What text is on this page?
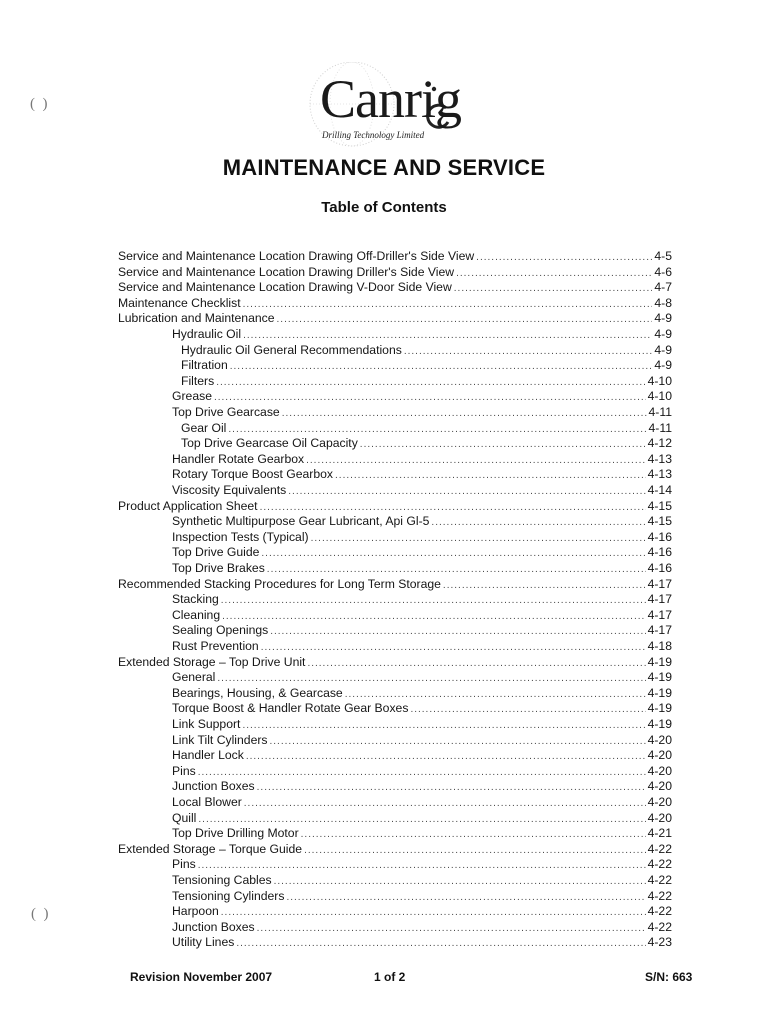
(  )
(  )
Canrig
Drilling Technology Limited
MAINTENANCE AND SERVICE
Table of Contents
Service and Maintenance Location Drawing Off-Driller's Side View .....	4-5
Service and Maintenance Location Drawing Driller's Side View .....	4-6
Service and Maintenance Location Drawing V-Door Side View .....	4-7
Maintenance Checklist .....	4-8
Lubrication and Maintenance .....	4-9
Hydraulic Oil .....	4-9
Hydraulic Oil General Recommendations .....	4-9
Filtration .....	4-9
Filters .....	4-10
Grease .....	4-10
Top Drive Gearcase .....	4-11
Gear Oil .....	4-11
Top Drive Gearcase Oil Capacity .....	4-12
Handler Rotate Gearbox .....	4-13
Rotary Torque Boost Gearbox .....	4-13
Viscosity Equivalents .....	4-14
Product Application Sheet .....	4-15
Synthetic Multipurpose Gear Lubricant, Api Gl-5 .....	4-15
Inspection Tests (Typical) .....	4-16
Top Drive Guide .....	4-16
Top Drive Brakes .....	4-16
Recommended Stacking Procedures for Long Term Storage .....	4-17
Stacking .....	4-17
Cleaning .....	4-17
Sealing Openings .....	4-17
Rust Prevention .....	4-18
Extended Storage – Top Drive Unit .....	4-19
General .....	4-19
Bearings, Housing, & Gearcase .....	4-19
Torque Boost & Handler Rotate Gear Boxes .....	4-19
Link Support .....	4-19
Link Tilt Cylinders .....	4-20
Handler Lock .....	4-20
Pins .....	4-20
Junction Boxes .....	4-20
Local Blower .....	4-20
Quill .....	4-20
Top Drive Drilling Motor .....	4-21
Extended Storage – Torque Guide .....	4-22
Pins .....	4-22
Tensioning Cables .....	4-22
Tensioning Cylinders .....	4-22
Harpoon .....	4-22
Junction Boxes .....	4-22
Utility Lines .....	4-23
Revision November 2007	1 of 2	S/N: 663
